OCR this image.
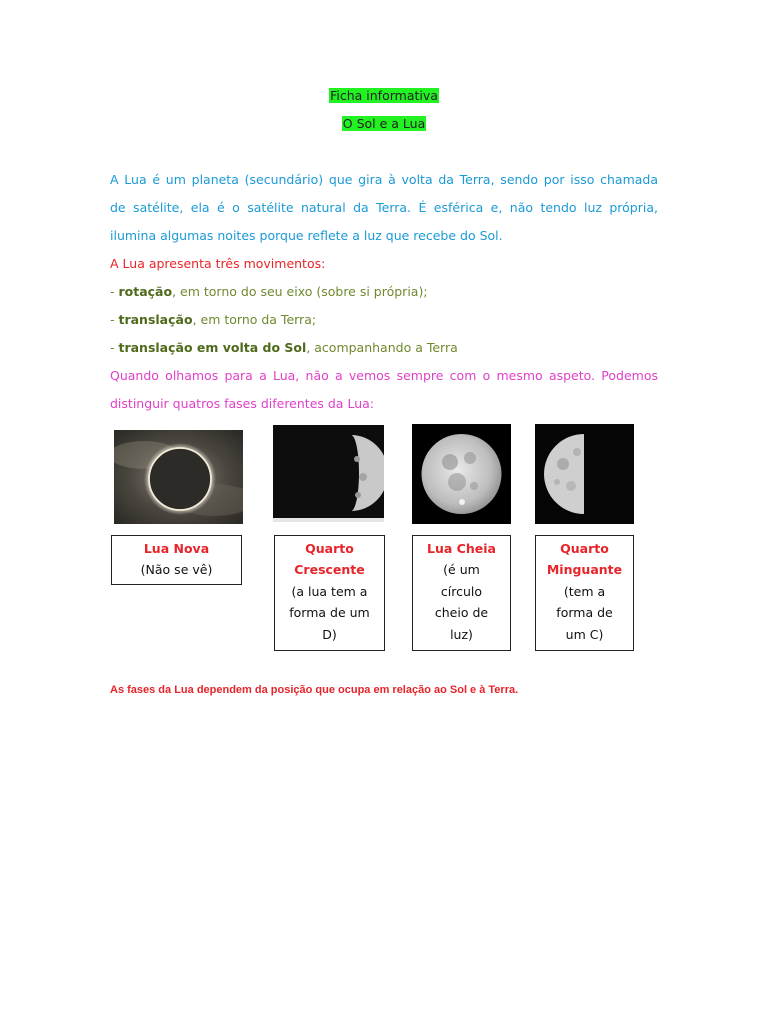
Ficha informativa
O Sol e a Lua
A Lua é um planeta (secundário) que gira à volta da Terra, sendo por isso chamada
de satélite, ela é o satélite natural da Terra. É esférica e, não tendo luz própria,
ilumina algumas noites porque reflete a luz que recebe do Sol.
A Lua apresenta três movimentos:
- rotação, em torno do seu eixo (sobre si própria);
- translação, em torno da Terra;
- translação em volta do Sol, acompanhando a Terra
Quando olhamos para a Lua, não a vemos sempre com o mesmo aspeto. Podemos
distinguir quatros fases diferentes da Lua:
Lua Nova
(Não se vê)
Quarto Crescente
(a lua tem a
forma de um
D)
Lua Cheia
(é um
círculo
cheio de
luz)
Quarto Minguante
(tem a
forma de
um C)
As fases da Lua dependem da posição que ocupa em relação ao Sol e à Terra.
